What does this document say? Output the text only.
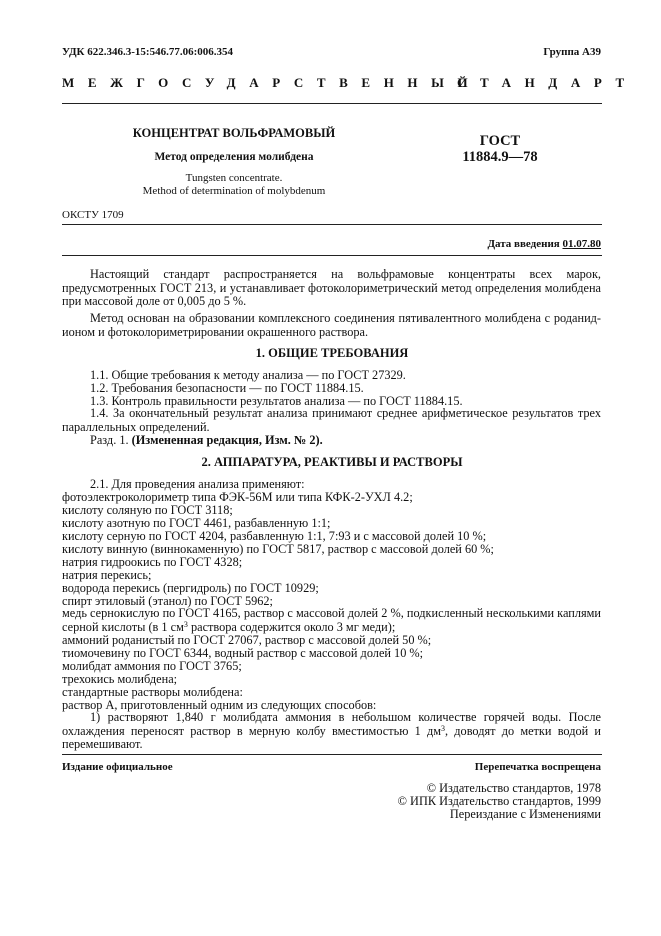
УДК 622.346.3-15:546.77.06:006.354	Группа А39
МЕЖГОСУДАРСТВЕННЫЙ
СТАНДАРТ
КОНЦЕНТРАТ ВОЛЬФРАМОВЫЙ
Метод определения молибдена
Tungsten concentrate.
Method of determination of molybdenum
ГОСТ
11884.9—78
ОКСТУ 1709
Дата введения 01.07.80
Настоящий стандарт распространяется на вольфрамовые концентраты всех марок, предусмотренных ГОСТ 213, и устанавливает фотоколориметрический метод определения молибдена при массовой доле от 0,005 до 5 %.
Метод основан на образовании комплексного соединения пятивалентного молибдена с роданид-ионом и фотоколориметрировании окрашенного раствора.
1. ОБЩИЕ ТРЕБОВАНИЯ
1.1. Общие требования к методу анализа — по ГОСТ 27329.
1.2. Требования безопасности — по ГОСТ 11884.15.
1.3. Контроль правильности результатов анализа — по ГОСТ 11884.15.
1.4. За окончательный результат анализа принимают среднее арифметическое результатов трех параллельных определений.
Разд. 1. (Измененная редакция, Изм. № 2).
2. АППАРАТУРА, РЕАКТИВЫ И РАСТВОРЫ
2.1. Для проведения анализа применяют:
фотоэлектроколориметр типа ФЭК-56М или типа КФК-2-УХЛ 4.2;
кислоту соляную по ГОСТ 3118;
кислоту азотную по ГОСТ 4461, разбавленную 1:1;
кислоту серную по ГОСТ 4204, разбавленную 1:1, 7:93 и с массовой долей 10 %;
кислоту винную (виннокаменную) по ГОСТ 5817, раствор с массовой долей 60 %;
натрия гидроокись по ГОСТ 4328;
натрия перекись;
водорода перекись (пергидроль) по ГОСТ 10929;
спирт этиловый (этанол) по ГОСТ 5962;
медь сернокислую по ГОСТ 4165, раствор с массовой долей 2 %, подкисленный несколькими каплями серной кислоты (в 1 $см^3$ раствора содержится около 3 мг меди);
аммоний роданистый по ГОСТ 27067, раствор с массовой долей 50 %;
тиомочевину по ГОСТ 6344, водный раствор с массовой долей 10 %;
молибдат аммония по ГОСТ 3765;
трехокись молибдена;
стандартные растворы молибдена:
раствор А, приготовленный одним из следующих способов:
1) растворяют 1,840 г молибдата аммония в небольшом количестве горячей воды. После охлаждения переносят раствор в мерную колбу вместимостью 1 $дм^3$, доводят до метки водой и перемешивают.
Издание официальное	Перепечатка воспрещена
© Издательство стандартов, 1978
© ИПК Издательство стандартов, 1999
Переиздание с Изменениями
